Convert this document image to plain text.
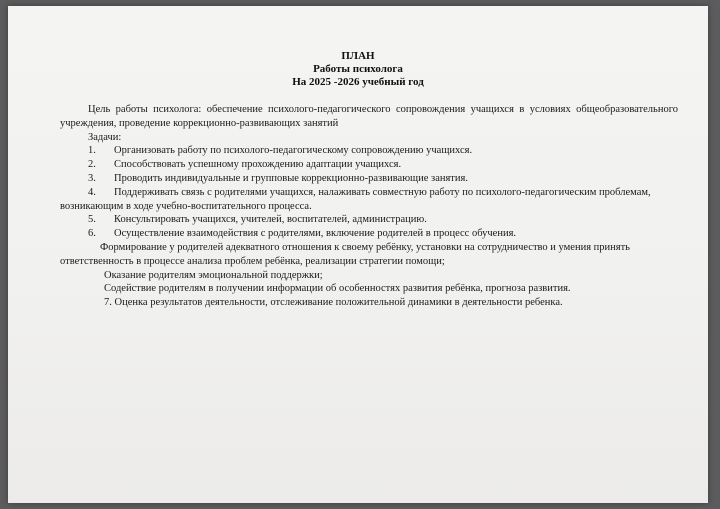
ПЛАН
Работы психолога
На 2025 -2026 учебный год

Цель работы психолога: обеспечение психолого-педагогического сопровождения учащихся в условиях общеобразовательного учреждения, проведение коррекционно-развивающих занятий

Задачи:

1. Организовать работу по психолого-педагогическому сопровождению учащихся.

2. Способствовать успешному прохождению адаптации учащихся.

3. Проводить индивидуальные и групповые коррекционно-развивающие занятия.

4. Поддерживать связь с родителями учащихся, налаживать совместную работу по психолого-педагогическим проблемам, возникающим в ходе учебно-воспитательного процесса.

5. Консультировать учащихся, учителей, воспитателей, администрацию.

6. Осуществление взаимодействия с родителями, включение родителей в процесс обучения.

Формирование у родителей адекватного отношения к своему ребёнку, установки на сотрудничество и умения принять ответственность в процессе анализа проблем ребёнка, реализации стратегии помощи;

Оказание родителям эмоциональной поддержки;

Содействие родителям в получении информации об особенностях развития ребёнка, прогноза развития.

7. Оценка результатов деятельности, отслеживание положительной динамики в деятельности ребенка.
